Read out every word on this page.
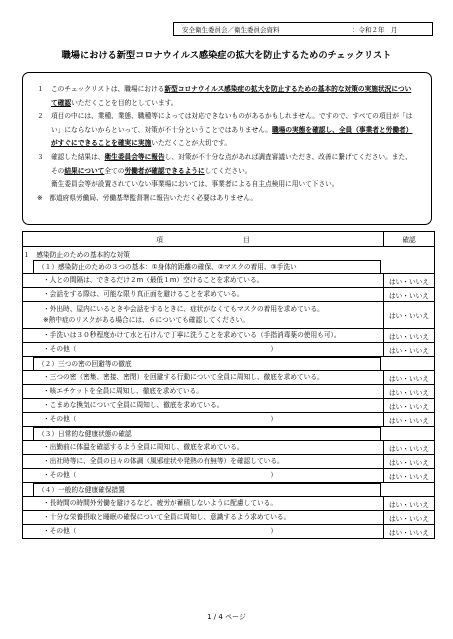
安全衛生委員会／衛生委員会資料	：令和２年　月
職場における新型コロナウイルス感染症の拡大を防止するためのチェックリスト
１	このチェックリストは、職場における新型コロナウイルス感染症の拡大を防止するための基本的な対策の実施状況について確認いただくことを目的としています。
２	項目の中には、業種、業態、職種等によっては対応できないものがあるかもしれません。ですので、すべての項目が「はい」にならないからといって、対策が不十分ということではありません。職場の実態を確認し、全員（事業者と労働者）がすぐにできることを確実に実施いただくことが大切です。
３	確認した結果は、衛生委員会等に報告し、対策が不十分な点があれば調査審議いただき、改善に繋げてください。また、その結果について全ての労働者が確認できるようにしてください。

衛生委員会等が設置されていない事業場においては、事業者による自主点検用に用いて下さい。

※　 都道府県労働局、労働基準監督署に報告いただく必要はありません。

項　　　　　　　　　　　　目	確認
１　感染防止のための基本的な対策	
（１）感染防止のための３つの基本：①身体的距離の確保、②マスクの着用、③手洗い	
・人との間隔は、できるだけ２m（最低１m）空けることを求めている。	はい・いいえ
・会話をする際は、可能な限り真正面を避けることを求めている。	はい・いいえ

・外出時、屋内にいるときや会話をするときに、症状がなくてもマスクの着用を求めている。
※熱中症のリスクがある場合には、６についても確認してください。	はい・いいえ
・手洗いは３０秒程度かけて水と石けんで丁寧に洗うことを求めている（手指消毒薬の使用も可）。	はい・いいえ
・その他（　　　　　　　　　　　　　　　　　　　　　　　　　　　　　）	はい・いいえ
（２）三つの密の回避等の徹底	
・三つの密（密集、密接、密閉）を回避する行動について全員に周知し、徹底を求めている。	はい・いいえ
・咳エチケットを全員に周知し、徹底を求めている。	はい・いいえ
・こまめな換気について全員に周知し、徹底を求めている。	はい・いいえ
・その他（　　　　　　　　　　　　　　　　　　　　　　　　　　　　　）	はい・いいえ
（３）日常的な健康状態の確認	
・出勤前に体温を確認するよう全員に周知し、徹底を求めている。	はい・いいえ
・出社時等に、全員の日々の体調（風邪症状や発熱の有無等）を確認している。	はい・いいえ
・その他（　　　　　　　　　　　　　　　　　　　　　　　　　　　　　）	はい・いいえ
（４）一般的な健康確保措置	
・長時間の時間外労働を避けるなど、疲労が蓄積しないように配慮している。	はい・いいえ
・十分な栄養摂取と睡眠の確保について全員に周知し、意識するよう求めている。	はい・いいえ
・その他（　　　　　　　　　　　　　　　　　　　　　　　　　　　　　）	はい・いいえ
1 / 4 ページ
